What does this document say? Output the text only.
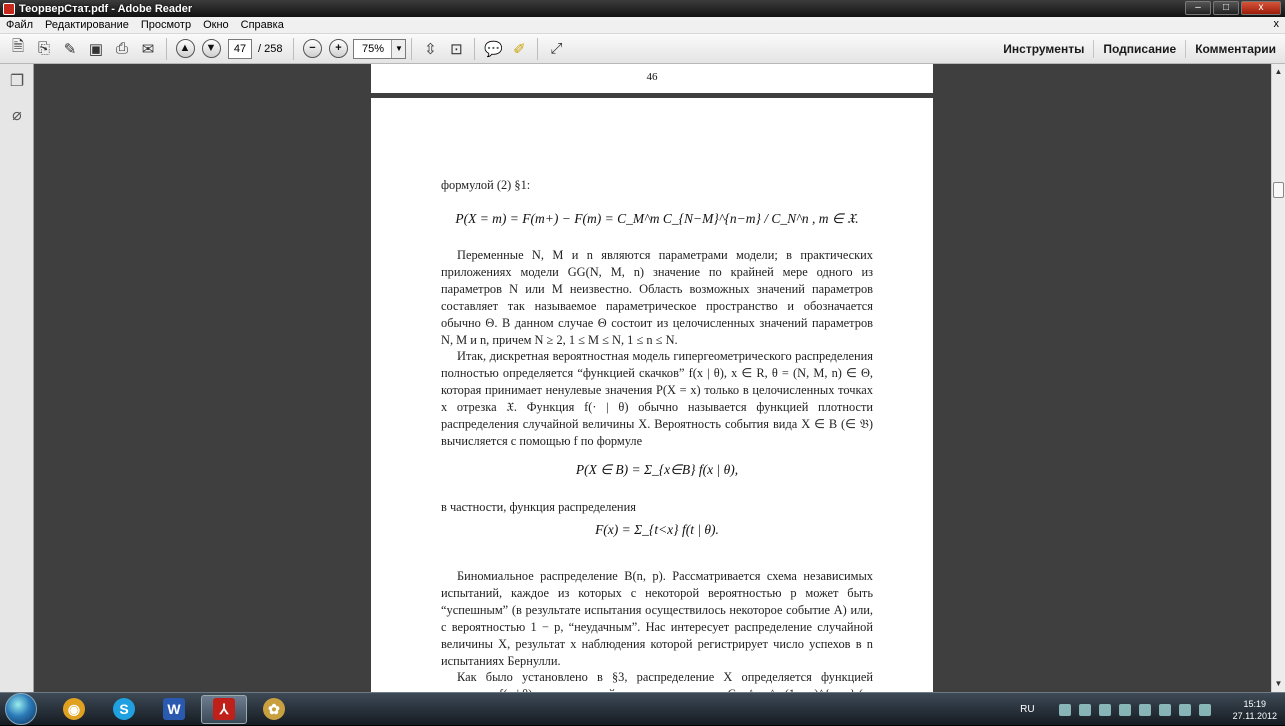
ТеорверСтат.pdf - Adobe Reader	–	□	x
Файл	Редактирование	Просмотр	Окно	Справка	x
🗎 ⎘ ✎ ▣ ⎙ ✉	▲	▼	47	/ 258	−	+	75%	▼	⇳ ⊡	💬 ✐	⤢	Инструменты	Подписание	Комментарии
❐
⌀
46
формулой (2) §1:
P(X = m) = F(m+) − F(m) = C_M^m C_{N−M}^{n−m} / C_N^n , m ∈ 𝔛.
Переменные N, M и n являются параметрами модели; в практических приложениях модели GG(N, M, n) значение по крайней мере одного из параметров N или M неизвестно. Область возможных значений параметров составляет так называемое параметрическое пространство и обозначается обычно Θ. В данном случае Θ состоит из целочисленных значений параметров N, M и n, причем N ≥ 2, 1 ≤ M ≤ N, 1 ≤ n ≤ N.
Итак, дискретная вероятностная модель гипергеометрического распределения полностью определяется “функцией скачков” f(x | θ), x ∈ R, θ = (N, M, n) ∈ Θ, которая принимает ненулевые значения P(X = x) только в целочисленных точках x отрезка 𝔛. Функция f(· | θ) обычно называется функцией плотности распределения случайной величины X. Вероятность события вида X ∈ B (∈ 𝔅) вычисляется с помощью f по формуле
P(X ∈ B) = Σ_{x∈B} f(x | θ),
в частности, функция распределения
F(x) = Σ_{t<x} f(t | θ).
Биномиальное распределение B(n, p). Рассматривается схема независимых испытаний, каждое из которых с некоторой вероятностью p может быть “успешным” (в результате испытания осуществилось некоторое событие A) или, с вероятностью 1 − p, “неудачным”. Нас интересует распределение случайной величины X, результат x наблюдения которой регистрирует число успехов в n испытаниях Бернулли.
Как было установлено в §3, распределение X определяется функцией
▲
▼
◉	S	W	⅄	✿	RU
15:19
27.11.2012
